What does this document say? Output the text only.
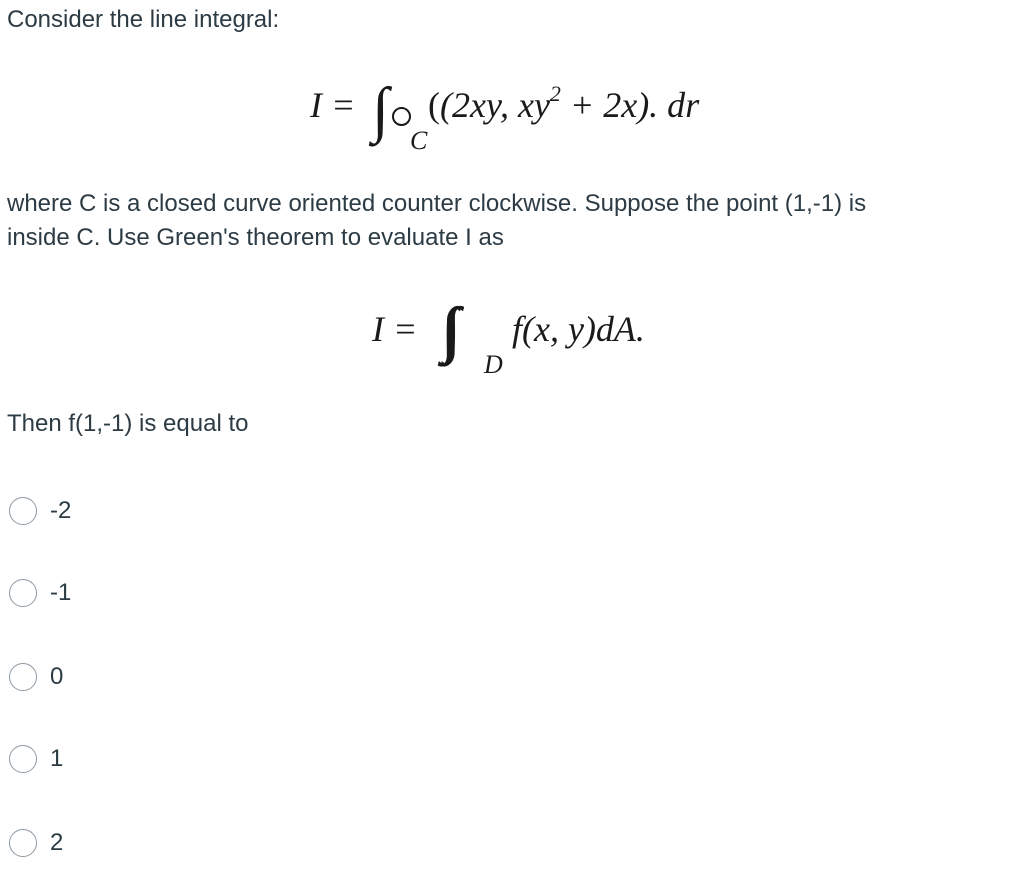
Consider the line integral:
I = ∫ C
((2xy, $xy^2 + 2x$). dr⃗
where C is a closed curve oriented counter clockwise. Suppose the point (1,-1) is
inside C. Use Green's theorem to evaluate I as
I =
D
f(x, y)dA.
Then f(1,-1) is equal to
-2
-1
0
1
2
